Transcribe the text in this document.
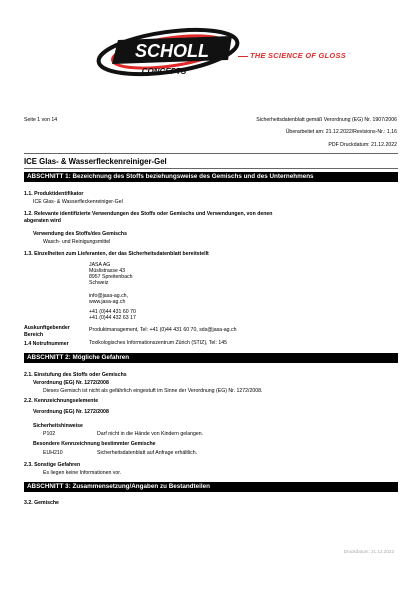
SCHOLL
CONCEPTS
THE SCIENCE OF GLOSS
Seite 1 von 14	Sicherheitsdatenblatt gemäß Verordnung (EG) Nr. 1907/2006
Überarbeitet am: 21.12.2022/Revisions-Nr.: 1,16
PDF Druckdatum: 21.12.2022
ICE Glas- & Wasserfleckenreiniger-Gel
ABSCHNITT 1: Bezeichnung des Stoffs beziehungsweise des Gemischs und des Unternehmens
1.1. Produktidentifikator
ICE Glas- & Wasserfleckenreiniger-Gel
1.2. Relevante identifizierte Verwendungen des Stoffs oder Gemischs und Verwendungen, von denen
abgeraten wird
Verwendung des Stoffs/des Gemischs
Wasch- und Reinigungsmittel
1.3. Einzelheiten zum Lieferanten, der das Sicherheitsdatenblatt bereitstellt
JASA AG
Müslistrasse 43
8957 Spreitenbach
Schweiz
info@jasa-ag.ch,
www.jasa-ag.ch
+41 (0)44 431 60 70
+41 (0)44 432 63 17
Auskunftgebender
Bereich
Produktmanagement, Tel: +41 (0)44 431 60 70, sds@jasa-ag.ch
1.4 Notrufnummer	Toxikologisches Informationszentrum Zürich (STIZ), Tel: 145
ABSCHNITT 2: Mögliche Gefahren
2.1. Einstufung des Stoffs oder Gemischs
Verordnung (EG) Nr. 1272/2008
Dieses Gemisch ist nicht als gefährlich eingestuft im Sinne der Verordnung (EG) Nr. 1272/2008.
2.2. Kennzeichnungselemente
Verordnung (EG) Nr. 1272/2008
Sicherheitshinweise
P102	Darf nicht in die Hände von Kindern gelangen.
Besondere Kennzeichnung bestimmter Gemische
EUH210	Sicherheitsdatenblatt auf Anfrage erhältlich.
2.3. Sonstige Gefahren
Es liegen keine Informationen vor.
ABSCHNITT 3: Zusammensetzung/Angaben zu Bestandteilen
3.2. Gemische
Druckdatum: 21.12.2022
